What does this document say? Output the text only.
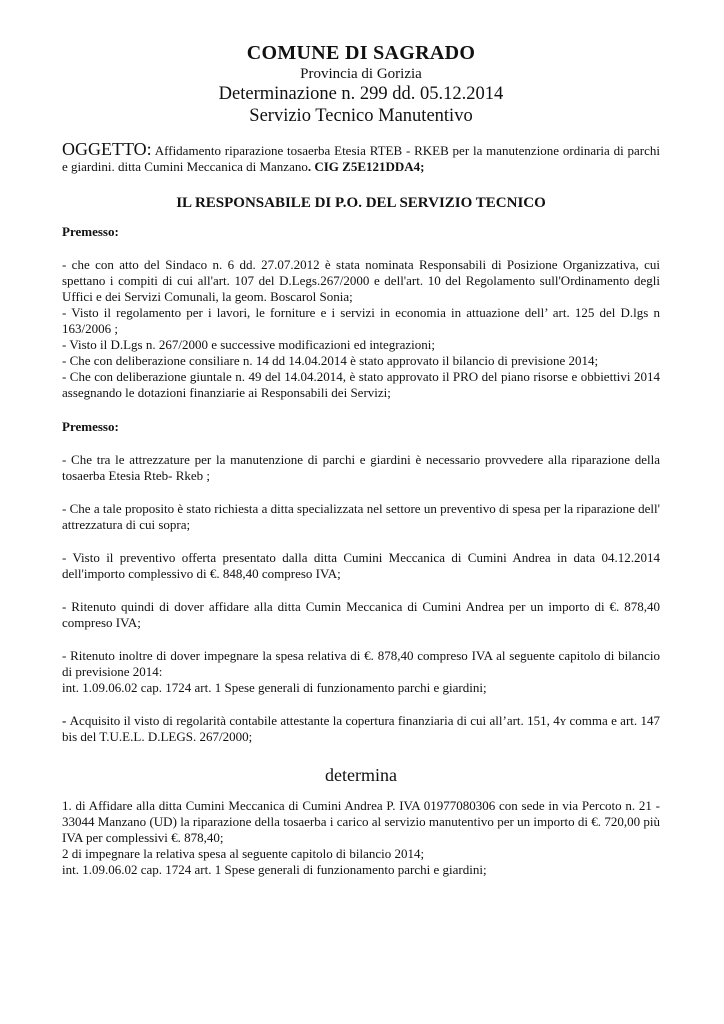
COMUNE DI SAGRADO
Provincia di Gorizia
Determinazione n. 299 dd. 05.12.2014
Servizio Tecnico Manutentivo
OGGETTO: Affidamento riparazione tosaerba Etesia RTEB - RKEB per la manutenzione ordinaria di parchi e giardini. ditta Cumini Meccanica di Manzano. CIG Z5E121DDA4;
IL RESPONSABILE DI P.O. DEL SERVIZIO TECNICO
Premesso:

- che con atto del Sindaco n. 6 dd. 27.07.2012 è stata nominata Responsabili di Posizione Organizzativa, cui spettano i compiti di cui all'art. 107 del D.Legs.267/2000 e dell'art. 10 del Regolamento sull'Ordinamento degli Uffici e dei Servizi Comunali, la geom. Boscarol Sonia;

- Visto il regolamento per i lavori, le forniture e i servizi in economia in attuazione dell’ art. 125 del D.lgs n 163/2006 ;

- Visto il D.Lgs n. 267/2000 e successive modificazioni ed integrazioni;

- Che con deliberazione consiliare n. 14 dd 14.04.2014 è stato approvato il bilancio di previsione 2014;

- Che con deliberazione giuntale n. 49 del 14.04.2014, è stato approvato il PRO del piano risorse e obbiettivi 2014 assegnando le dotazioni finanziarie ai Responsabili dei Servizi;

Premesso:

- Che tra le attrezzature per la manutenzione di parchi e giardini è necessario provvedere alla riparazione della tosaerba Etesia Rteb- Rkeb ;

- Che a tale proposito è stato richiesta a ditta specializzata nel settore un preventivo di spesa per la riparazione dell' attrezzatura di cui sopra;

- Visto il preventivo offerta presentato dalla ditta Cumini Meccanica di Cumini Andrea in data 04.12.2014 dell'importo complessivo di €. 848,40 compreso IVA;

- Ritenuto quindi di dover affidare alla ditta Cumin Meccanica di Cumini Andrea per un importo di €. 878,40 compreso IVA;

- Ritenuto inoltre di dover impegnare la spesa relativa di €. 878,40 compreso IVA al seguente capitolo di bilancio di previsione 2014:

int. 1.09.06.02 cap. 1724 art. 1 Spese generali di funzionamento parchi e giardini;

- Acquisito il visto di regolarità contabile attestante la copertura finanziaria di cui all’art. 151, 4ʏ comma e art. 147 bis del T.U.E.L. D.LEGS. 267/2000;

determina

1. di Affidare alla ditta Cumini Meccanica di Cumini Andrea P. IVA 01977080306 con sede in via Percoto n. 21 - 33044 Manzano (UD) la riparazione della tosaerba i carico al servizio manutentivo per un importo di €. 720,00 più IVA per complessivi €. 878,40;

2 di impegnare la relativa spesa al seguente capitolo di bilancio 2014;

int. 1.09.06.02 cap. 1724 art. 1 Spese generali di funzionamento parchi e giardini;
